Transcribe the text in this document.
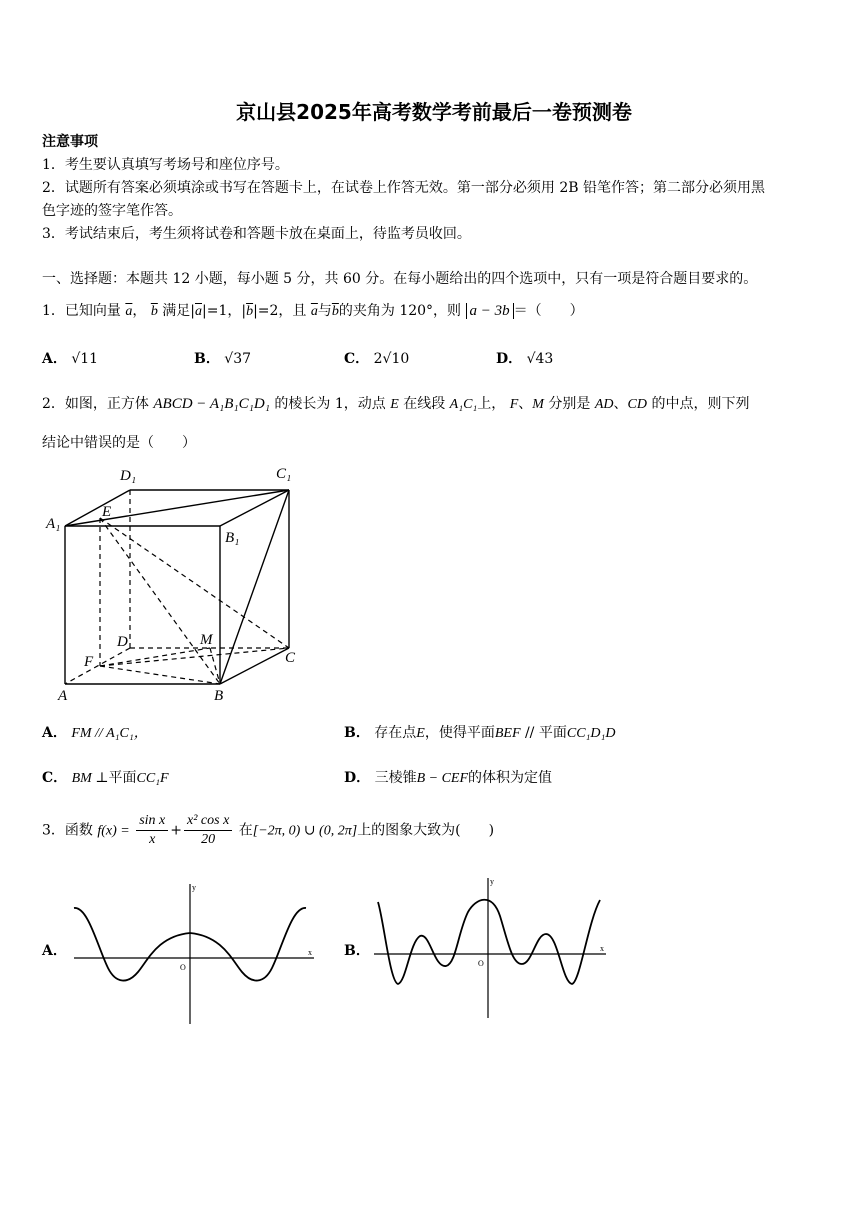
京山县2025年高考数学考前最后一卷预测卷
注意事项
1．考生要认真填写考场号和座位序号。
2．试题所有答案必须填涂或书写在答题卡上，在试卷上作答无效。第一部分必须用 2B 铅笔作答；第二部分必须用黑
色字迹的签字笔作答。
3．考试结束后，考生须将试卷和答题卡放在桌面上，待监考员收回。
一、选择题：本题共 12 小题，每小题 5 分，共 60 分。在每小题给出的四个选项中，只有一项是符合题目要求的。
1．已知向量 $\overline{a}$， $\overline{b}$ 满足$|\overline{a}|=1$，$|\overline{b}|=2$，且 $\overline{a}$与$\overline{b}$的夹角为 120°，则 a − 3b ＝（　　）
A． √11	B． √37	C． 2√10	D． √43
2．如图，正方体 ABCD − A₁B₁C₁D₁ 的棱长为 1，动点 E 在线段 A₁C₁上， F、M 分别是 AD、CD 的中点，则下列
结论中错误的是（　　）
D₁	C₁
A₁
E
B₁
D	M
C
F
A	B
A． FM // A₁C₁，	B． 存在点E，使得平面BEF // 平面CC₁D₁D
C． BM ⊥平面CC₁F	D． 三棱锥B − CEF的体积为定值
3．函数 $f(x) = \frac{\text{sin x}}{x} + \frac{\text{x² cos x}}{20}$ 在[−2π, 0) ∪ (0, 2π]上的图象大致为(　　)
A．
y
x
O
B．
y
x
O
